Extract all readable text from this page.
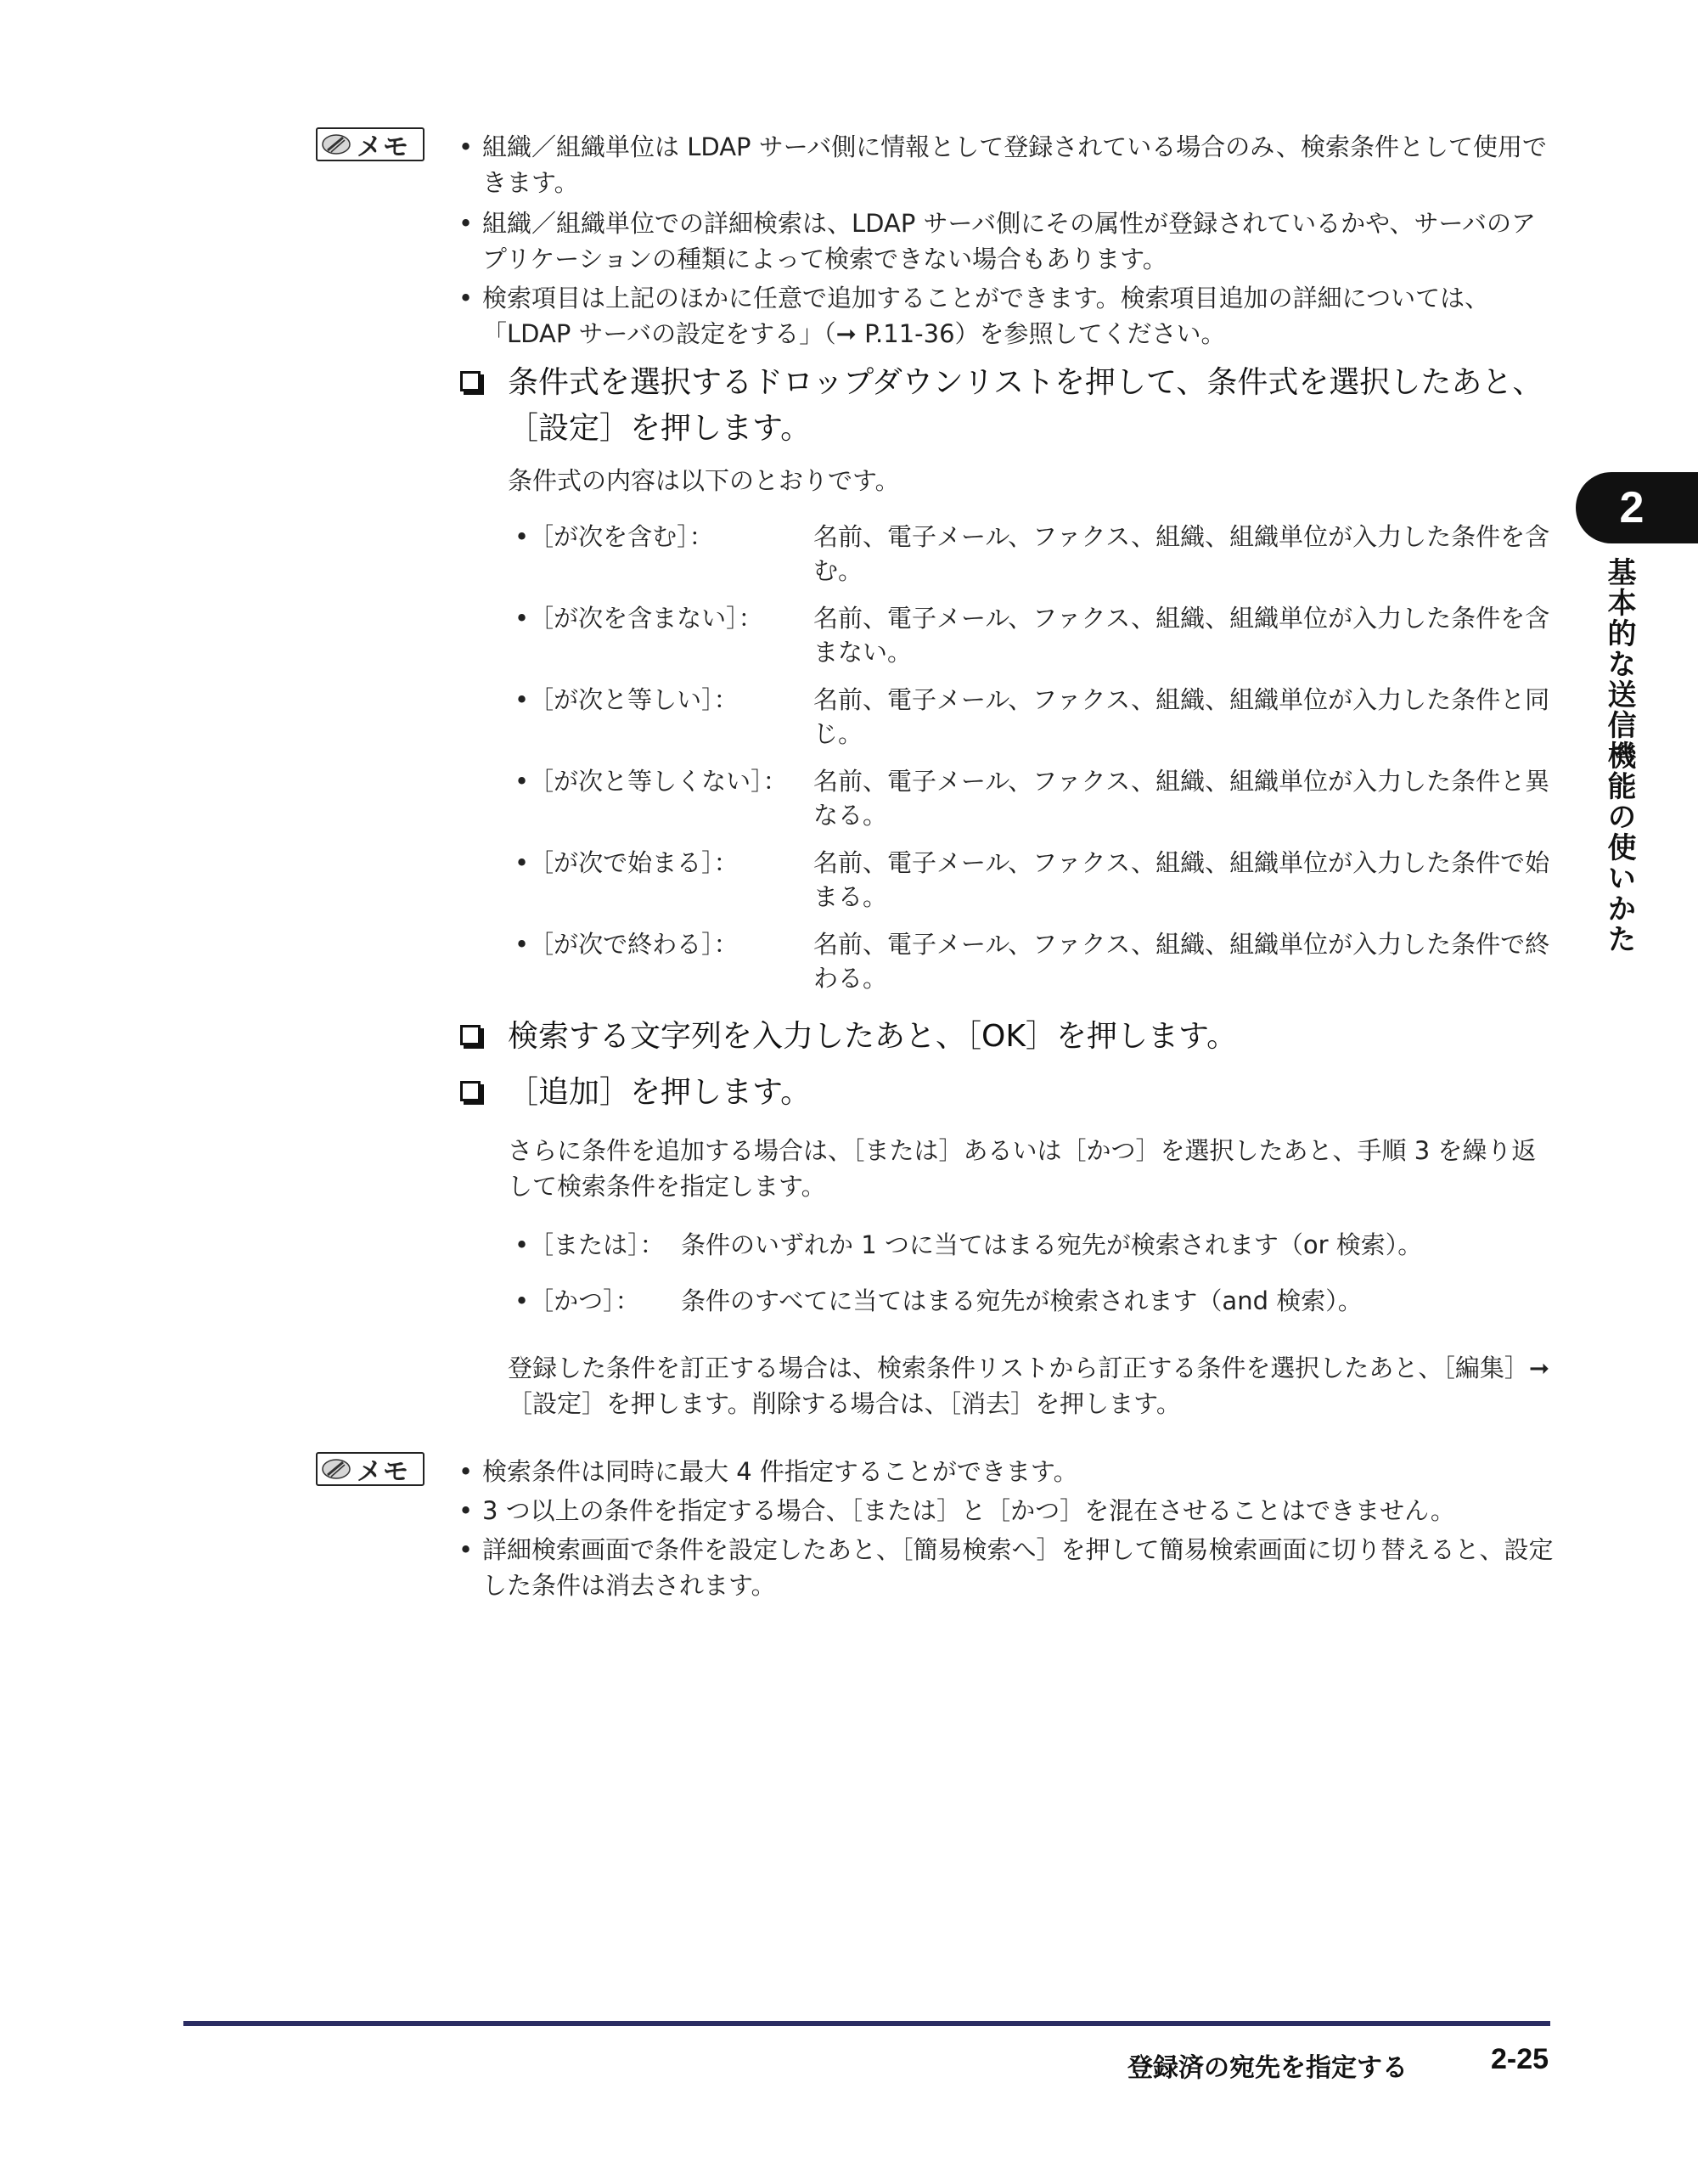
メモ • 組織／組織単位は LDAP サーバ側に情報として登録されている場合のみ、検索条件として使用できます。
• 組織／組織単位での詳細検索は、LDAP サーバ側にその属性が登録されているかや、サーバのアプリケーションの種類によって検索できない場合もあります。
• 検索項目は上記のほかに任意で追加することができます。検索項目追加の詳細については、「LDAP サーバの設定をする」（➞ P.11-36）を参照してください。
条件式を選択するドロップダウンリストを押して、条件式を選択したあと、［設定］を押します。
条件式の内容は以下のとおりです。
•［が次を含む］：	名前、電子メール、ファクス、組織、組織単位が入力した条件を含む。
•［が次を含まない］： 名前、電子メール、ファクス、組織、組織単位が入力した条件を含まない。
•［が次と等しい］：	名前、電子メール、ファクス、組織、組織単位が入力した条件と同じ。
•［が次と等しくない］： 名前、電子メール、ファクス、組織、組織単位が入力した条件と異なる。
•［が次で始まる］：	名前、電子メール、ファクス、組織、組織単位が入力した条件で始まる。
•［が次で終わる］：	名前、電子メール、ファクス、組織、組織単位が入力した条件で終わる。
検索する文字列を入力したあと、［OK］を押します。
［追加］を押します。
さらに条件を追加する場合は、［または］あるいは［かつ］を選択したあと、手順 3 を繰り返して検索条件を指定します。
•［または］： 条件のいずれか 1 つに当てはまる宛先が検索されます（or 検索）。
•［かつ］： 条件のすべてに当てはまる宛先が検索されます（and 検索）。
登録した条件を訂正する場合は、検索条件リストから訂正する条件を選択したあと、［編集］➞［設定］を押します。削除する場合は、［消去］を押します。
メモ • 検索条件は同時に最大 4 件指定することができます。
• 3 つ以上の条件を指定する場合、［または］と［かつ］を混在させることはできません。
• 詳細検索画面で条件を設定したあと、［簡易検索へ］を押して簡易検索画面に切り替えると、設定した条件は消去されます。
2
基本的な送信機能の使いかた
登録済の宛先を指定する	2-25
